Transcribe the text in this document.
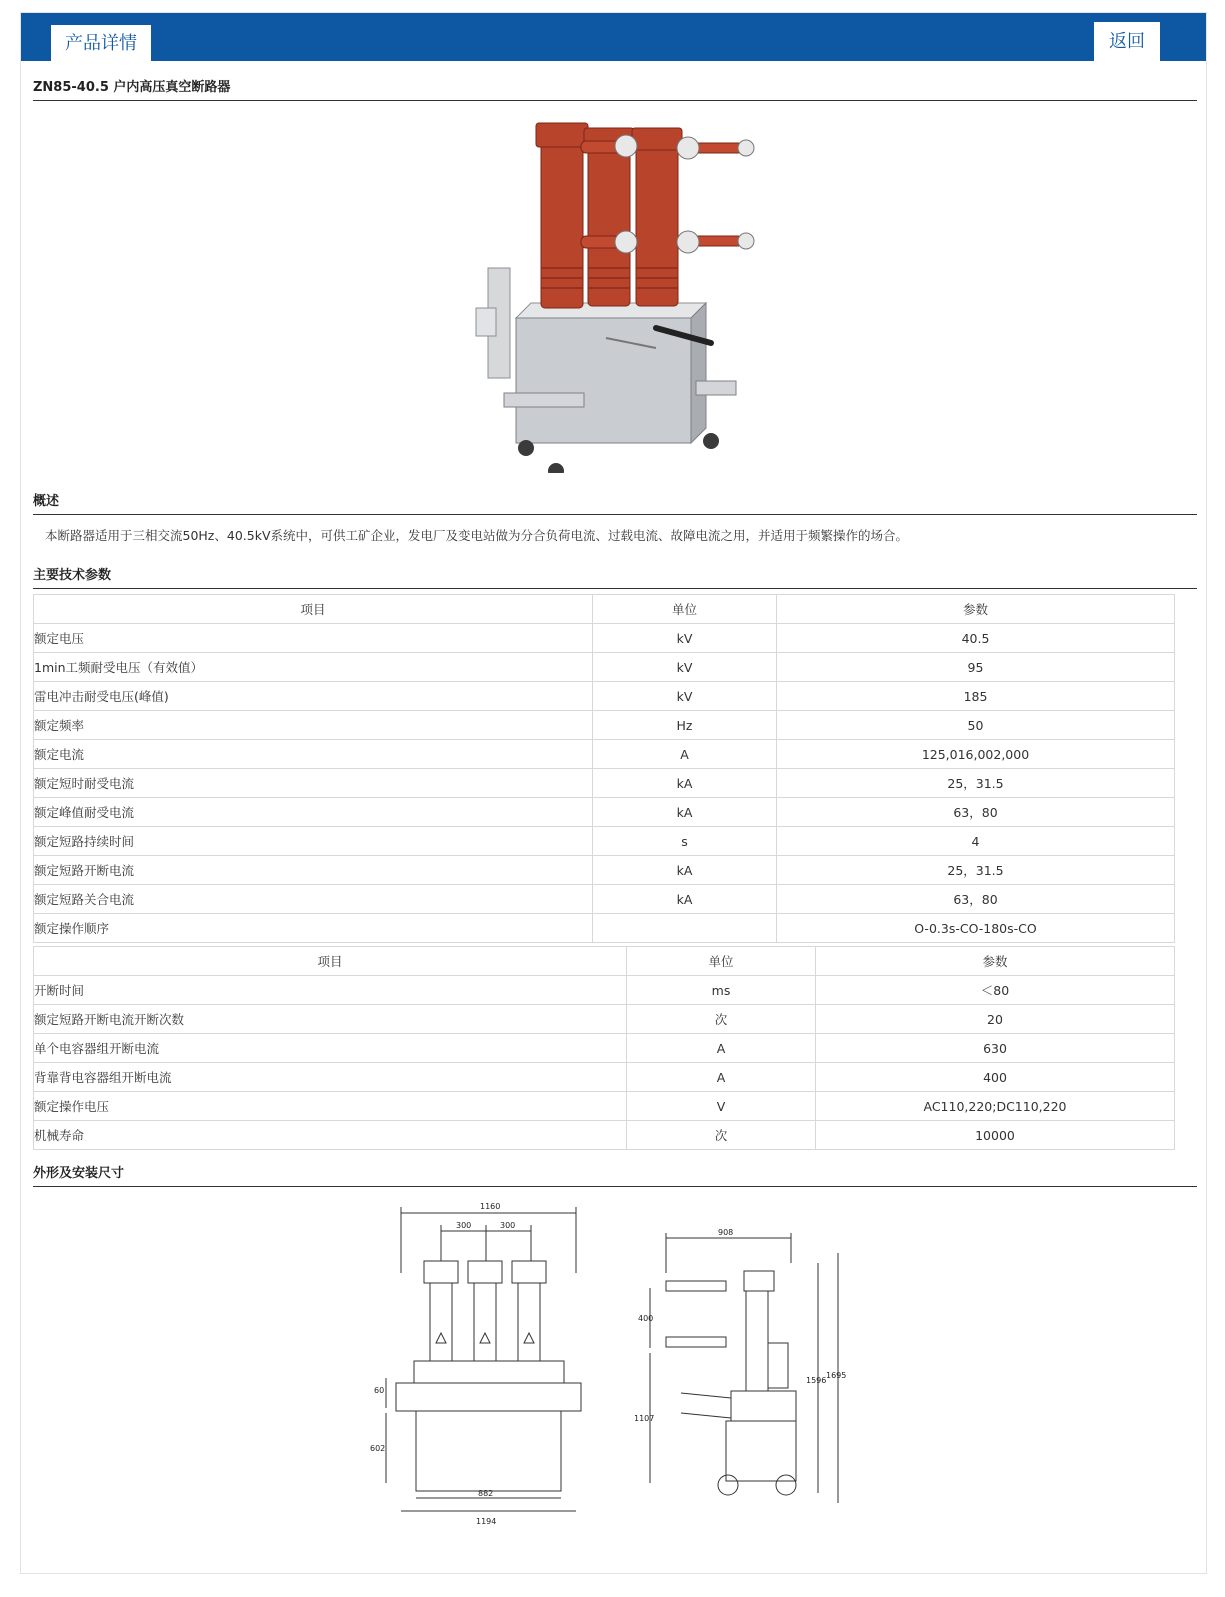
产品详情	返回
ZN85-40.5 户内高压真空断路器
概述
本断路器适用于三相交流50Hz、40.5kV系统中，可供工矿企业，发电厂及变电站做为分合负荷电流、过载电流、故障电流之用，并适用于频繁操作的场合。
主要技术参数
项目	单位	参数
额定电压	kV	40.5
1min工频耐受电压（有效值）	kV	95
雷电冲击耐受电压(峰值)	kV	185
额定频率	Hz	50
额定电流	A	125,016,002,000
额定短时耐受电流	kA	25，31.5
额定峰值耐受电流	kA	63，80
额定短路持续时间	s	4
额定短路开断电流	kA	25，31.5
额定短路关合电流	kA	63，80
额定操作顺序		O-0.3s-CO-180s-CO
项目	单位	参数
开断时间	ms	＜80
额定短路开断电流开断次数	次	20
单个电容器组开断电流	A	630
背靠背电容器组开断电流	A	400
额定操作电压	V	AC110,220;DC110,220
机械寿命	次	10000
外形及安装尺寸
1160
300	300
882
1194
60
602
908
400
1107
1596
1695
